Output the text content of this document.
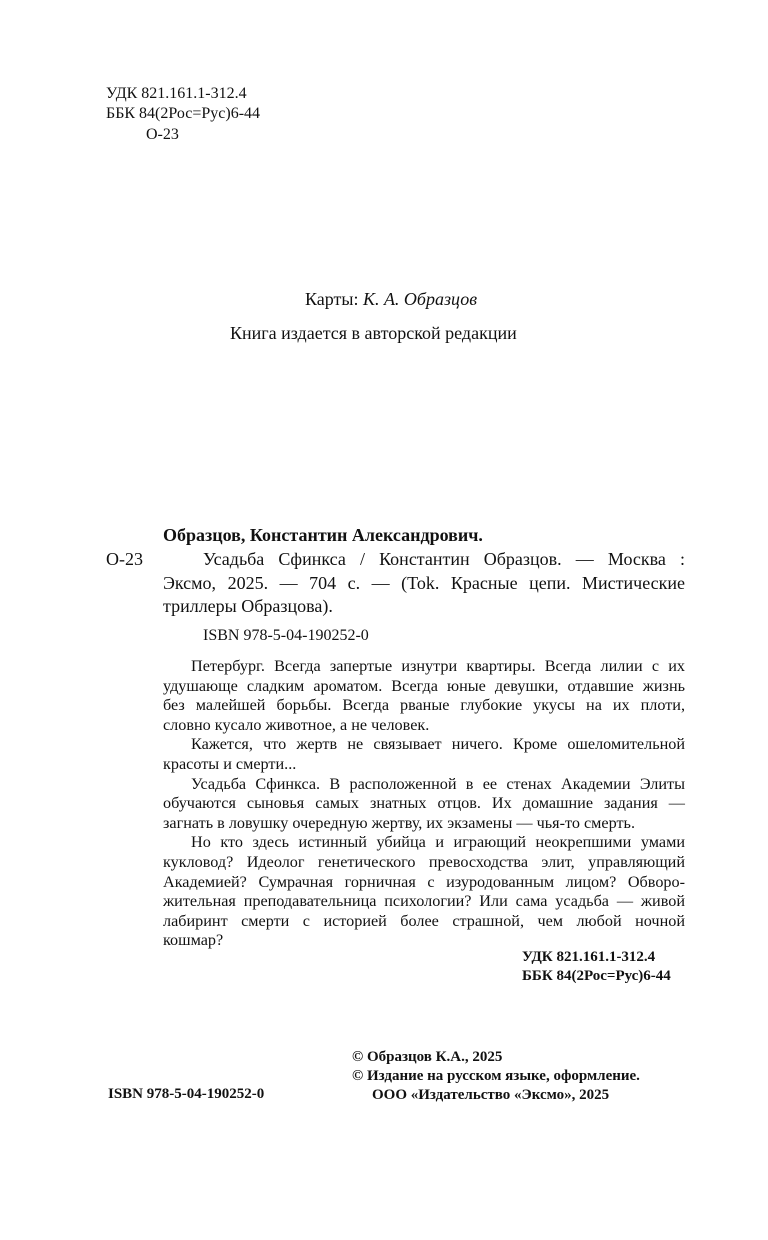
УДК 821.161.1-312.4
ББК 84(2Рос=Рус)6-44
О-23
Карты: К. А. Образцов
Книга издается в авторской редакции
Образцов, Константин Александрович.
О-23	Усадьба Сфинкса / Константин Образцов. — Москва :
Эксмо, 2025. — 704 с. — (Tok. Красные цепи. Мистические
триллеры Образцова).
ISBN 978-5-04-190252-0
Петербург. Всегда запертые изнутри квартиры. Всегда лилии с их
удушающе сладким ароматом. Всегда юные девушки, отдавшие жизнь
без малейшей борьбы. Всегда рваные глубокие укусы на их плоти,
словно кусало животное, а не человек.
Кажется, что жертв не связывает ничего. Кроме ошеломительной
красоты и смерти...
Усадьба Сфинкса. В расположенной в ее стенах Академии Элиты
обучаются сыновья самых знатных отцов. Их домашние задания —
загнать в ловушку очередную жертву, их экзамены — чья-то смерть.
Но кто здесь истинный убийца и играющий неокрепшими умами
кукловод? Идеолог генетического превосходства элит, управляющий
Академией? Сумрачная горничная с изуродованным лицом? Обворо-
жительная преподавательница психологии? Или сама усадьба — живой
лабиринт смерти с историей более страшной, чем любой ночной
кошмар?
УДК 821.161.1-312.4
ББК 84(2Рос=Рус)6-44
ISBN 978-5-04-190252-0
© Образцов К.А., 2025
© Издание на русском языке, оформление.
ООО «Издательство «Эксмо», 2025
